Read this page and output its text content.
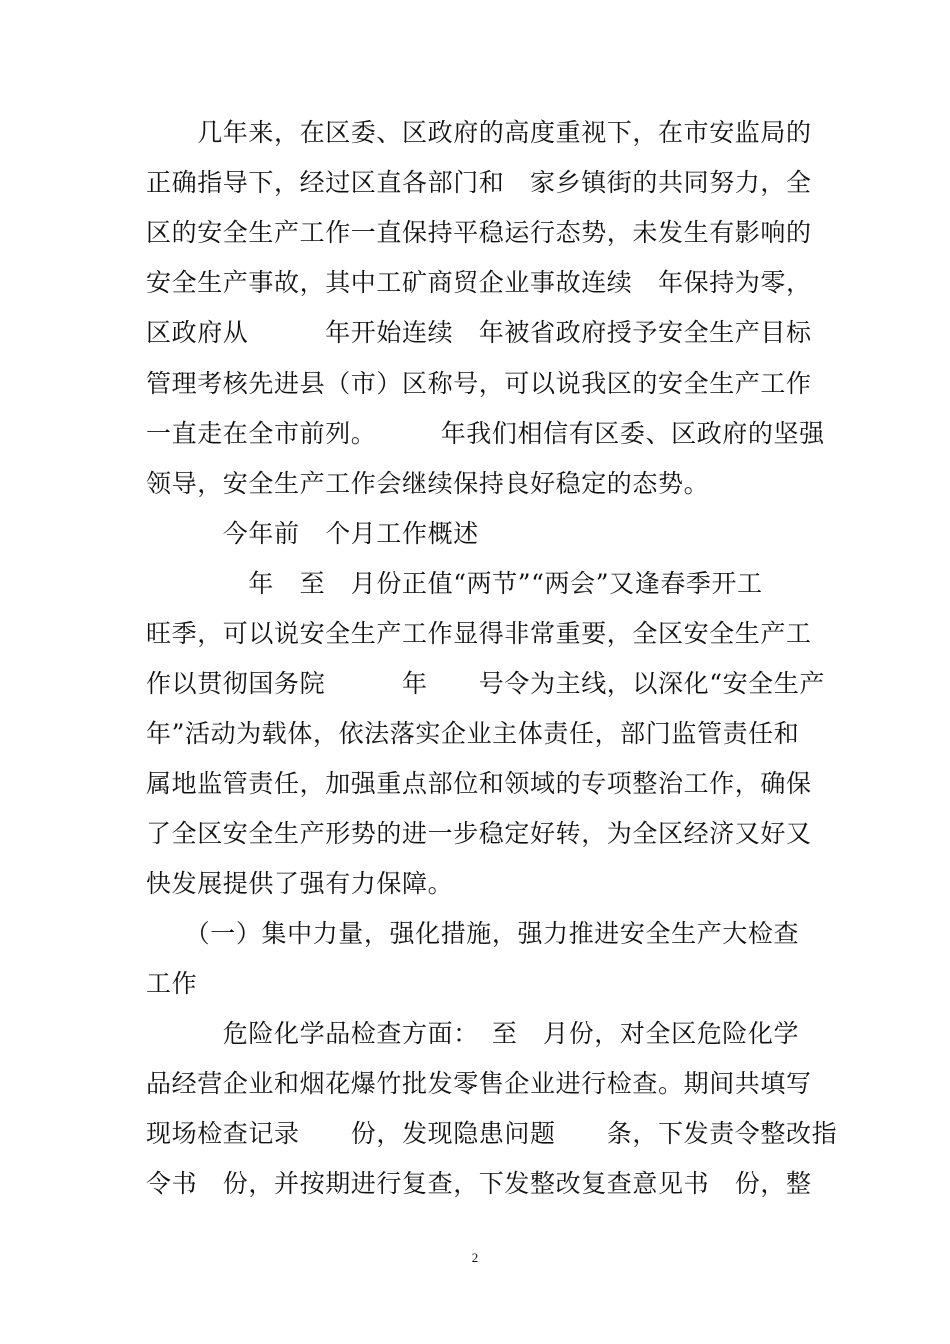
　　几年来，在区委、区政府的高度重视下，在市安监局的
正确指导下，经过区直各部门和　家乡镇街的共同努力，全
区的安全生产工作一直保持平稳运行态势，未发生有影响的
安全生产事故，其中工矿商贸企业事故连续　年保持为零，
区政府从　　　年开始连续　年被省政府授予安全生产目标
管理考核先进县（市）区称号，可以说我区的安全生产工作
一直走在全市前列。　　　年我们相信有区委、区政府的坚强
领导，安全生产工作会继续保持良好稳定的态势。
　　　今年前　个月工作概述
　　　　年　至　月份正值“两节”“两会”又逢春季开工
旺季，可以说安全生产工作显得非常重要，全区安全生产工
作以贯彻国务院　　　年　　号令为主线，以深化“安全生产
年”活动为载体，依法落实企业主体责任，部门监管责任和
属地监管责任，加强重点部位和领域的专项整治工作，确保
了全区安全生产形势的进一步稳定好转，为全区经济又好又
快发展提供了强有力保障。
　　（一）集中力量，强化措施，强力推进安全生产大检查
工作
　　　危险化学品检查方面：　至　月份，对全区危险化学
品经营企业和烟花爆竹批发零售企业进行检查。期间共填写
现场检查记录　　份，发现隐患问题　　条，下发责令整改指
令书　份，并按期进行复查，下发整改复查意见书　份，整
2
